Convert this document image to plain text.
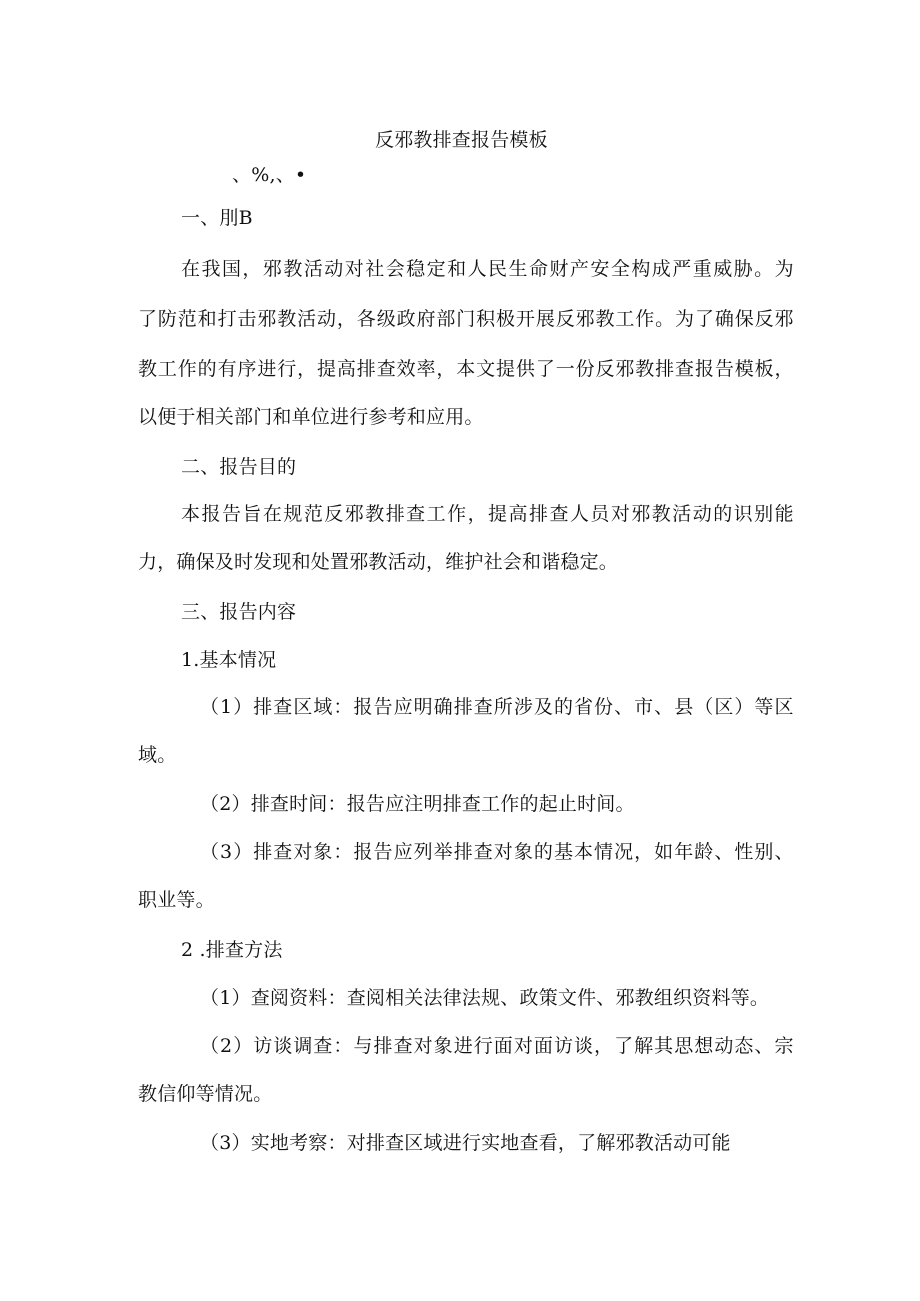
反邪教排查报告模板
、%,、•
一、刖B
在 我 国 ， 邪 教 活 动 对 社 会 稳 定 和 人 民 生 命 财 产 安 全 构 成 严 重 威 胁 。 为
了 防 范 和 打 击 邪 教 活 动 ， 各 级 政 府 部 门 积 极 开 展 反 邪 教 工 作 。 为 了 确 保 反 邪
教 工 作 的 有 序 进 行 ， 提 高 排 查 效 率 ， 本 文 提 供 了 一 份 反 邪 教 排 查 报 告 模 板 ，
以便于相关部门和单位进行参考和应用。
二、报告目的
本 报 告 旨 在 规 范 反 邪 教 排 查 工 作 ， 提 高 排 查 人 员 对 邪 教 活 动 的 识 别 能
力，确保及时发现和处置邪教活动，维护社会和谐稳定。
三、报告内容
1.基本情况
（ 1 ） 排 查 区 域 ： 报 告 应 明 确 排 查 所 涉 及 的 省 份 、 市 、 县 （ 区 ） 等 区
域。
（2）排查时间：报告应注明排查工作的起止时间。
（ 3 ） 排 查 对 象 ： 报 告 应 列 举 排 查 对 象 的 基 本 情 况 ， 如 年 龄 、 性 别 、
职业等。
2 .排查方法
（1）查阅资料：查阅相关法律法规、政策文件、邪教组织资料等。
（ 2 ） 访 谈 调 查 ： 与 排 查 对 象 进 行 面 对 面 访 谈 ， 了 解 其 思 想 动 态 、 宗
教信仰等情况。
（3）实地考察：对排查区域进行实地查看，了解邪教活动可能
